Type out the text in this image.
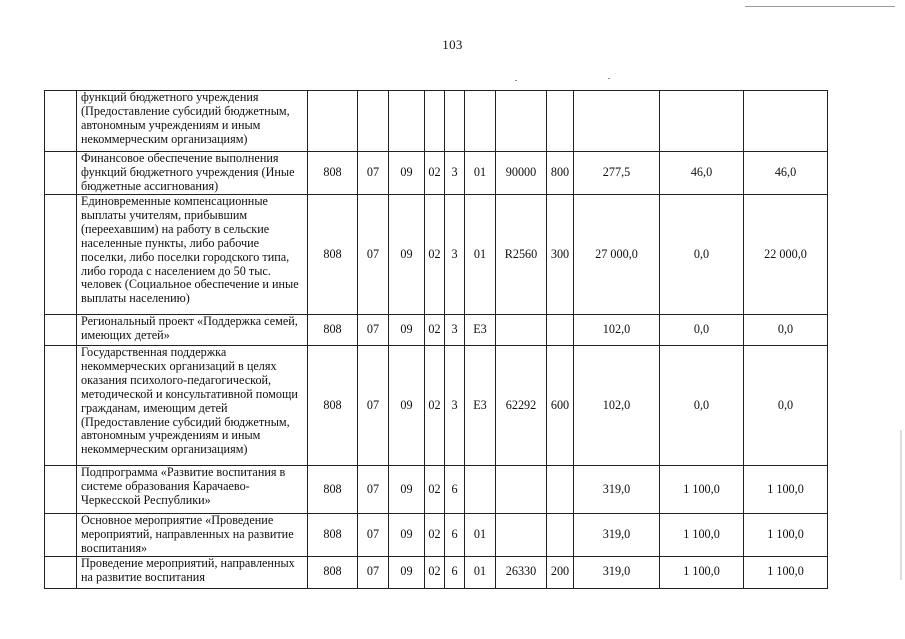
103
	функций бюджетного учреждения (Предоставление субсидий бюджетным, автономным учреждениям и иным некоммерческим организациям)											
	Финансовое обеспечение выполнения функций бюджетного учреждения (Иные бюджетные ассигнования)	808	07	09	02	3	01	90000	800	277,5	46,0	46,0
	Единовременные компенсационные выплаты учителям, прибывшим (переехавшим) на работу в сельские населенные пункты, либо рабочие поселки, либо поселки городского типа, либо города с населением до 50 тыс. человек (Социальное обеспечение и иные выплаты населению)	808	07	09	02	3	01	R2560	300	27 000,0	0,0	22 000,0
	Региональный проект «Поддержка семей, имеющих детей»	808	07	09	02	3	Е3			102,0	0,0	0,0
	Государственная поддержка некоммерческих организаций в целях оказания психолого-педагогической, методической и консультативной помощи гражданам, имеющим детей (Предоставление субсидий бюджетным, автономным учреждениям и иным некоммерческим организациям)	808	07	09	02	3	Е3	62292	600	102,0	0,0	0,0
	Подпрограмма «Развитие воспитания в системе образования Карачаево-Черкесской Республики»	808	07	09	02	6				319,0	1 100,0	1 100,0
	Основное мероприятие «Проведение мероприятий, направленных на развитие воспитания»	808	07	09	02	6	01			319,0	1 100,0	1 100,0
	Проведение мероприятий, направленных на развитие воспитания	808	07	09	02	6	01	26330	200	319,0	1 100,0	1 100,0
